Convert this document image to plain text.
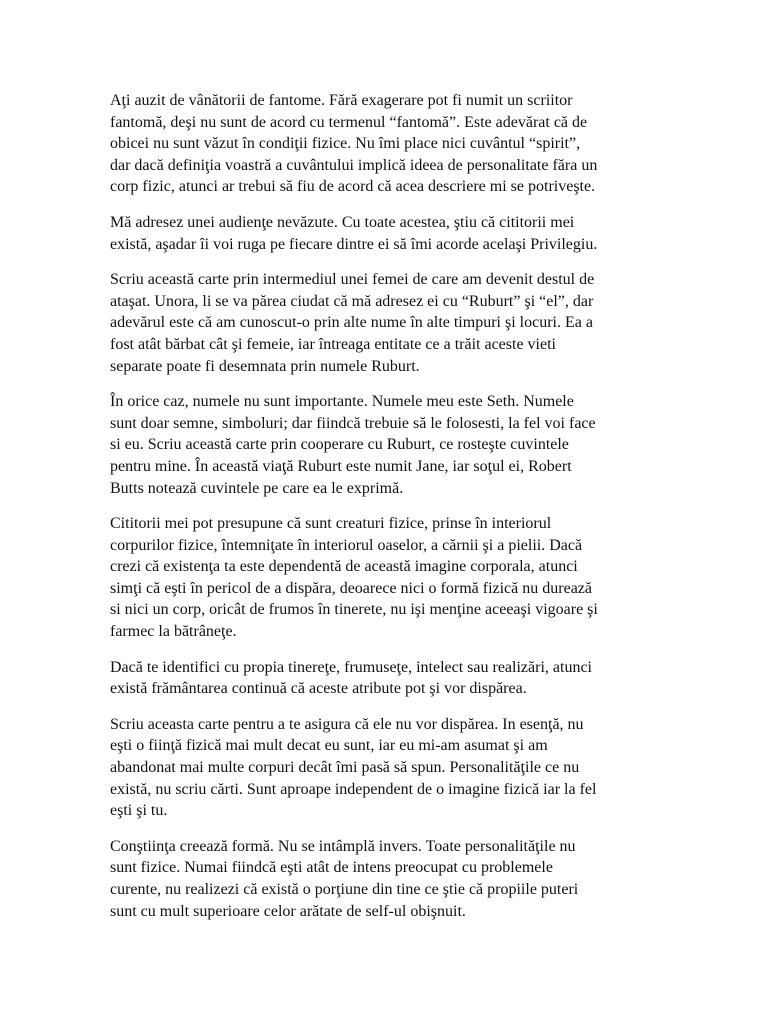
Aţi auzit de vânătorii de fantome. Fără exagerare pot fi numit un scriitor
fantomă, deşi nu sunt de acord cu termenul “fantomă”. Este adevărat că de
obicei nu sunt văzut în condiţii fizice. Nu îmi place nici cuvântul “spirit”,
dar dacă definiţia voastră a cuvântului implică ideea de personalitate făra un
corp fizic, atunci ar trebui să fiu de acord că acea descriere mi se potriveşte.
Mă adresez unei audienţe nevăzute. Cu toate acestea, ştiu că cititorii mei
există, aşadar îi voi ruga pe fiecare dintre ei să îmi acorde acelaşi Privilegiu.
Scriu această carte prin intermediul unei femei de care am devenit destul de
ataşat. Unora, li se va părea ciudat că mă adresez ei cu “Ruburt” şi “el”, dar
adevărul este că am cunoscut-o prin alte nume în alte timpuri şi locuri. Ea a
fost atât bărbat cât şi femeie, iar întreaga entitate ce a trăit aceste vieti
separate poate fi desemnata prin numele Ruburt.
În orice caz, numele nu sunt importante. Numele meu este Seth. Numele
sunt doar semne, simboluri; dar fiindcă trebuie să le folosesti, la fel voi face
si eu. Scriu această carte prin cooperare cu Ruburt, ce rosteşte cuvintele
pentru mine. În această viaţă Ruburt este numit Jane, iar soţul ei, Robert
Butts notează cuvintele pe care ea le exprimă.
Cititorii mei pot presupune că sunt creaturi fizice, prinse în interiorul
corpurilor fizice, întemniţate în interiorul oaselor, a cărnii şi a pielii. Dacă
crezi că existenţa ta este dependentă de această imagine corporala, atunci
simţi că eşti în pericol de a dispăra, deoarece nici o formă fizică nu durează
si nici un corp, oricât de frumos în tinerete, nu işi menţine aceeaşi vigoare şi
farmec la bătrâneţe.
Dacă te identifici cu propia tinereţe, frumuseţe, intelect sau realizări, atunci
există frământarea continuă că aceste atribute pot şi vor dispărea.
Scriu aceasta carte pentru a te asigura că ele nu vor dispărea. In esenţă, nu
eşti o fiinţă fizică mai mult decat eu sunt, iar eu mi-am asumat şi am
abandonat mai multe corpuri decât îmi pasă să spun. Personalităţile ce nu
există, nu scriu cărti. Sunt aproape independent de o imagine fizică iar la fel
eşti şi tu.
Conştiinţa creează formă. Nu se intâmplă invers. Toate personalităţile nu
sunt fizice. Numai fiindcă eşti atât de intens preocupat cu problemele
curente, nu realizezi că există o porţiune din tine ce ştie că propiile puteri
sunt cu mult superioare celor arătate de self-ul obişnuit.
